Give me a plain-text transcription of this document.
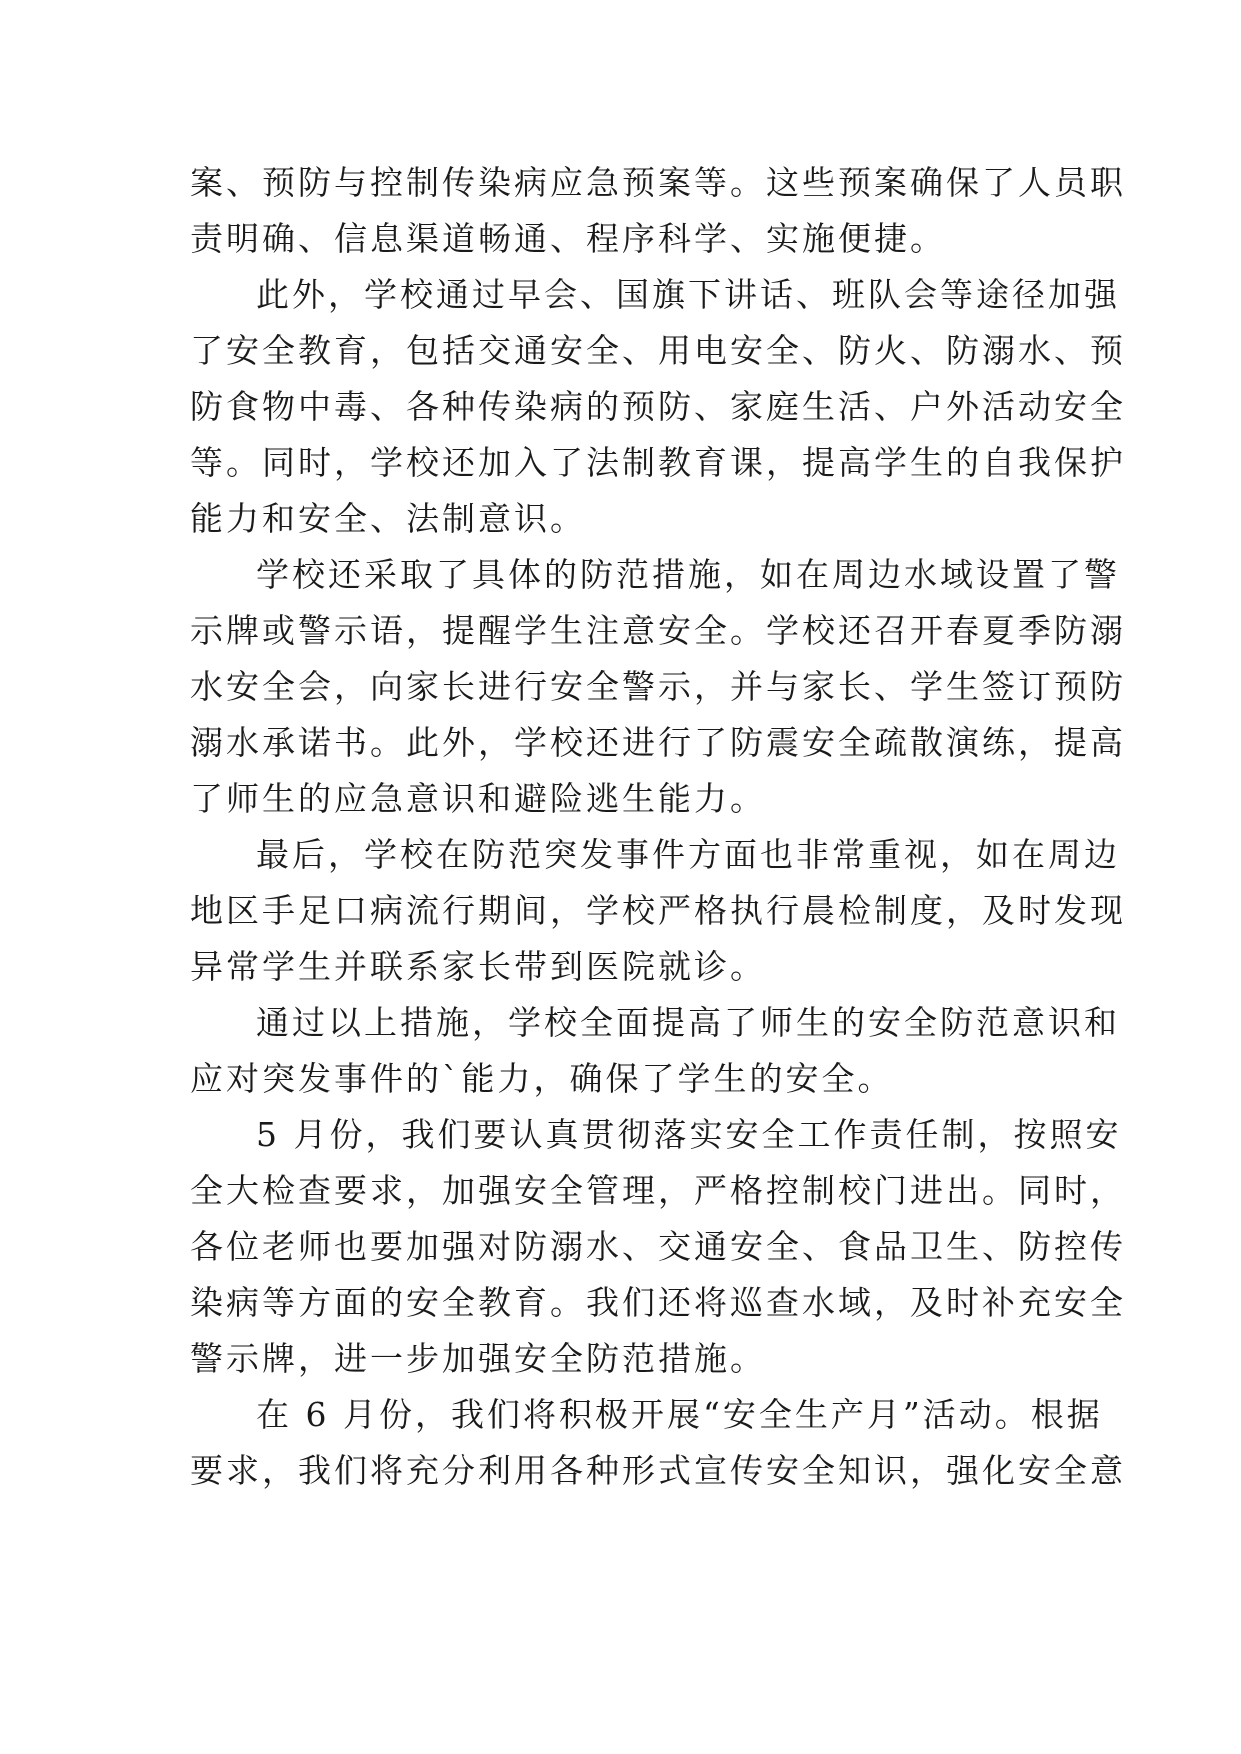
案、预防与控制传染病应急预案等。这些预案确保了人员职
责明确、信息渠道畅通、程序科学、实施便捷。
此外，学校通过早会、国旗下讲话、班队会等途径加强
了安全教育，包括交通安全、用电安全、防火、防溺水、预
防食物中毒、各种传染病的预防、家庭生活、户外活动安全
等。同时，学校还加入了法制教育课，提高学生的自我保护
能力和安全、法制意识。
学校还采取了具体的防范措施，如在周边水域设置了警
示牌或警示语，提醒学生注意安全。学校还召开春夏季防溺
水安全会，向家长进行安全警示，并与家长、学生签订预防
溺水承诺书。此外，学校还进行了防震安全疏散演练，提高
了师生的应急意识和避险逃生能力。
最后，学校在防范突发事件方面也非常重视，如在周边
地区手足口病流行期间，学校严格执行晨检制度，及时发现
异常学生并联系家长带到医院就诊。
通过以上措施，学校全面提高了师生的安全防范意识和
应对突发事件的`能力，确保了学生的安全。
5 月份，我们要认真贯彻落实安全工作责任制，按照安
全大检查要求，加强安全管理，严格控制校门进出。同时，
各位老师也要加强对防溺水、交通安全、食品卫生、防控传
染病等方面的安全教育。我们还将巡查水域，及时补充安全
警示牌，进一步加强安全防范措施。
在 6 月份，我们将积极开展“安全生产月”活动。根据
要求，我们将充分利用各种形式宣传安全知识，强化安全意
